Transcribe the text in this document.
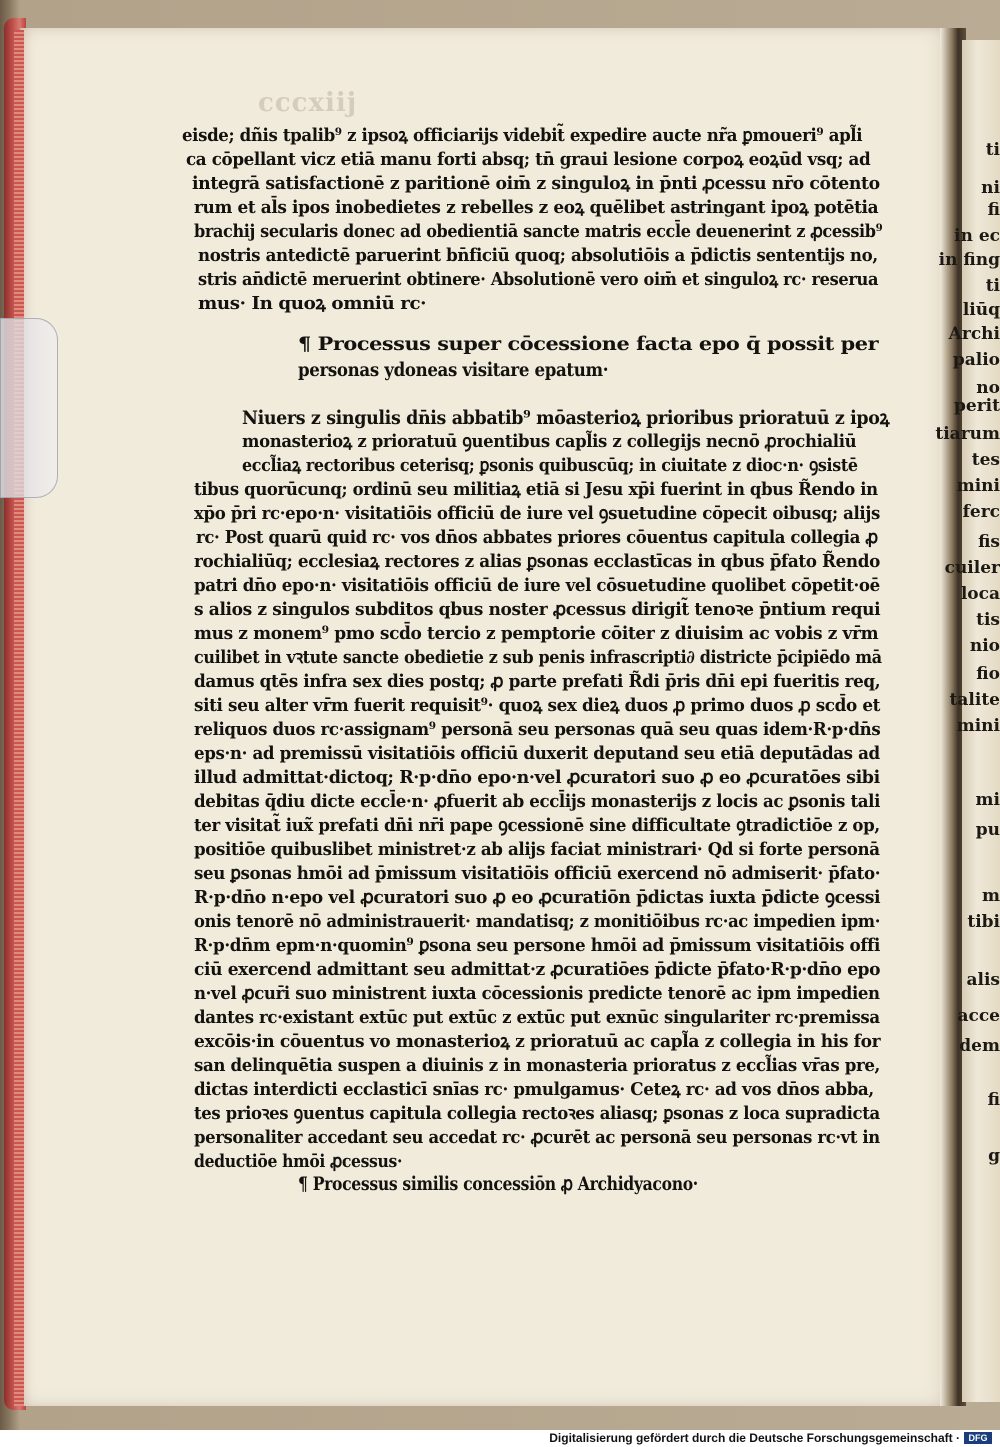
ti
ni
fi
in ec
in fing
ti
liūq
Archi
palio
no
perit
tiarum
tes
mini
ferc
fis
cuiler
loca
tis
nio
fio
talite
mini
mi
pu
m
tibi
alis
acce
dem
fi
g
cccxiij
eisde; dñis tpalib⁹ z ipsoꝝ officiarijs videbit̃ expedire aucte nr̃a ꝑmoueri⁹ apl̃i
ca cōpellant vicz etiā manu forti absq; tn̄ graui lesione corpoꝝ eoꝝūd vsq; ad
integrā satisfactionē z paritionē oim̄ z singuloꝝ in p̄nti ꝓcessu nr̄o cōtento
rum et al̄s ipos inobedietes z rebelles z eoꝝ quēlibet astringant ipoꝝ potētia
brachij secularis donec ad obedientiā sancte matris eccl̄e deuenerint z ꝓcessib⁹
nostris antedictē paruerint bn̄ficiū quoq; absolutiōis a p̄dictis sententijs no,
stris an̄dictē meruerint obtinere· Absolutionē vero oim̄ et singuloꝝ rc· reserua
mus· In quoꝝ omniū rc·
¶ Processus super cōcessione facta epo q̄ possit per
personas ydoneas visitare epatum·
Niuers z singulis dn̄is abbatib⁹ mōasterioꝝ prioribus prioratuū z ipoꝝ
monasterioꝝ z prioratuū ꝯuentibus capl̃is z collegijs necnō ꝓrochialiū
eccl̃iaꝝ rectoribus ceterisq; ꝑsonis quibuscūq; in ciuitate z dioc·n· ꝯsistē
tibus quorūcunq; ordinū seu militiaꝝ etiā si Jesu xp̄i fuerint in qbus R̃endo in
xp̄o p̄ri rc·epo·n· visitatiōis officiū de iure vel ꝯsuetudine cōpecit oibusq; alijs
rc· Post quarū quid rc· vos dn̄os abbates priores cōuentus capitula collegia ꝓ
rochialiūq; ecclesiaꝝ rectores z alias ꝑsonas ecclastīcas in qbus p̄fato R̃endo
patri dn̄o epo·n· visitatiōis officiū de iure vel cōsuetudine quolibet cōpetit·oē
s alios z singulos subditos qbus noster ꝓcessus dirigit̃ tenoꝛe p̄ntium requi
mus z monem⁹ pmo scd̄o tercio z pemptorie cōiter z diuisim ac vobis z vr̄m
cuilibet in vꝛtute sancte obedietie z sub penis infrascripti∂ districte p̄cipiēdo mā
damus qtēs infra sex dies postq; ꝓ parte prefati R̃di p̄ris dn̄i epi fueritis req,
siti seu alter vr̄m fuerit requisit⁹· quoꝝ sex dieꝝ duos ꝓ primo duos ꝓ scd̄o et
reliquos duos rc·assignam⁹ personā seu personas quā seu quas idem·R·p·dn̄s
eps·n· ad premissū visitatiōis officiū duxerit deputand seu etiā deputādas ad
illud admittat·dictoq; R·p·dn̄o epo·n·vel ꝓcuratori suo ꝓ eo ꝓcuratōes sibi
debitas q̄diu dicte eccl̄e·n· ꝓfuerit ab eccl̄ijs monasterijs z locis ac ꝑsonis tali
ter visitat̃ iux̃ prefati dn̄i nr̄i pape ꝯcessionē sine difficultate ꝯtradictiōe z op,
positiōe quibuslibet ministret·z ab alijs faciat ministrari· Qd si forte personā
seu ꝑsonas hmōi ad p̄missum visitatiōis officiū exercend nō admiserit· p̄fato·
R·p·dn̄o n·epo vel ꝓcuratori suo ꝓ eo ꝓcuratiōn p̄dictas iuxta p̄dicte ꝯcessi
onis tenorē nō administrauerit· mandatisq; z monitiōibus rc·ac impedien ipm·
R·p·dn̄m epm·n·quomin⁹ ꝑsona seu persone hmōi ad p̄missum visitatiōis offi
ciū exercend admittant seu admittat·z ꝓcuratiōes p̄dicte p̄fato·R·p·dn̄o epo
n·vel ꝓcur̄i suo ministrent iuxta cōcessionis predicte tenorē ac ipm impedien
dantes rc·existant extūc put extūc z extūc put exnūc singulariter rc·premissa
excōis·in cōuentus vo monasterioꝝ z prioratuū ac capl̃a z collegia in his for
san delinquētia suspen a diuinis z in monasteria prioratus z eccl̃ias vr̄as pre,
dictas interdicti ecclasticī snīas rc· pmulgamus· Ceteꝝ rc· ad vos dn̄os abba,
tes prioꝛes ꝯuentus capitula collegia rectoꝛes aliasq; ꝑsonas z loca supradicta
personaliter accedant seu accedat rc· ꝓcurēt ac personā seu personas rc·vt in
deductiōe hmōi ꝓcessus·
¶ Processus similis concessiōn ꝓ Archidyacono·
Digitalisierung gefördert durch die Deutsche Forschungsgemeinschaft · DFG
